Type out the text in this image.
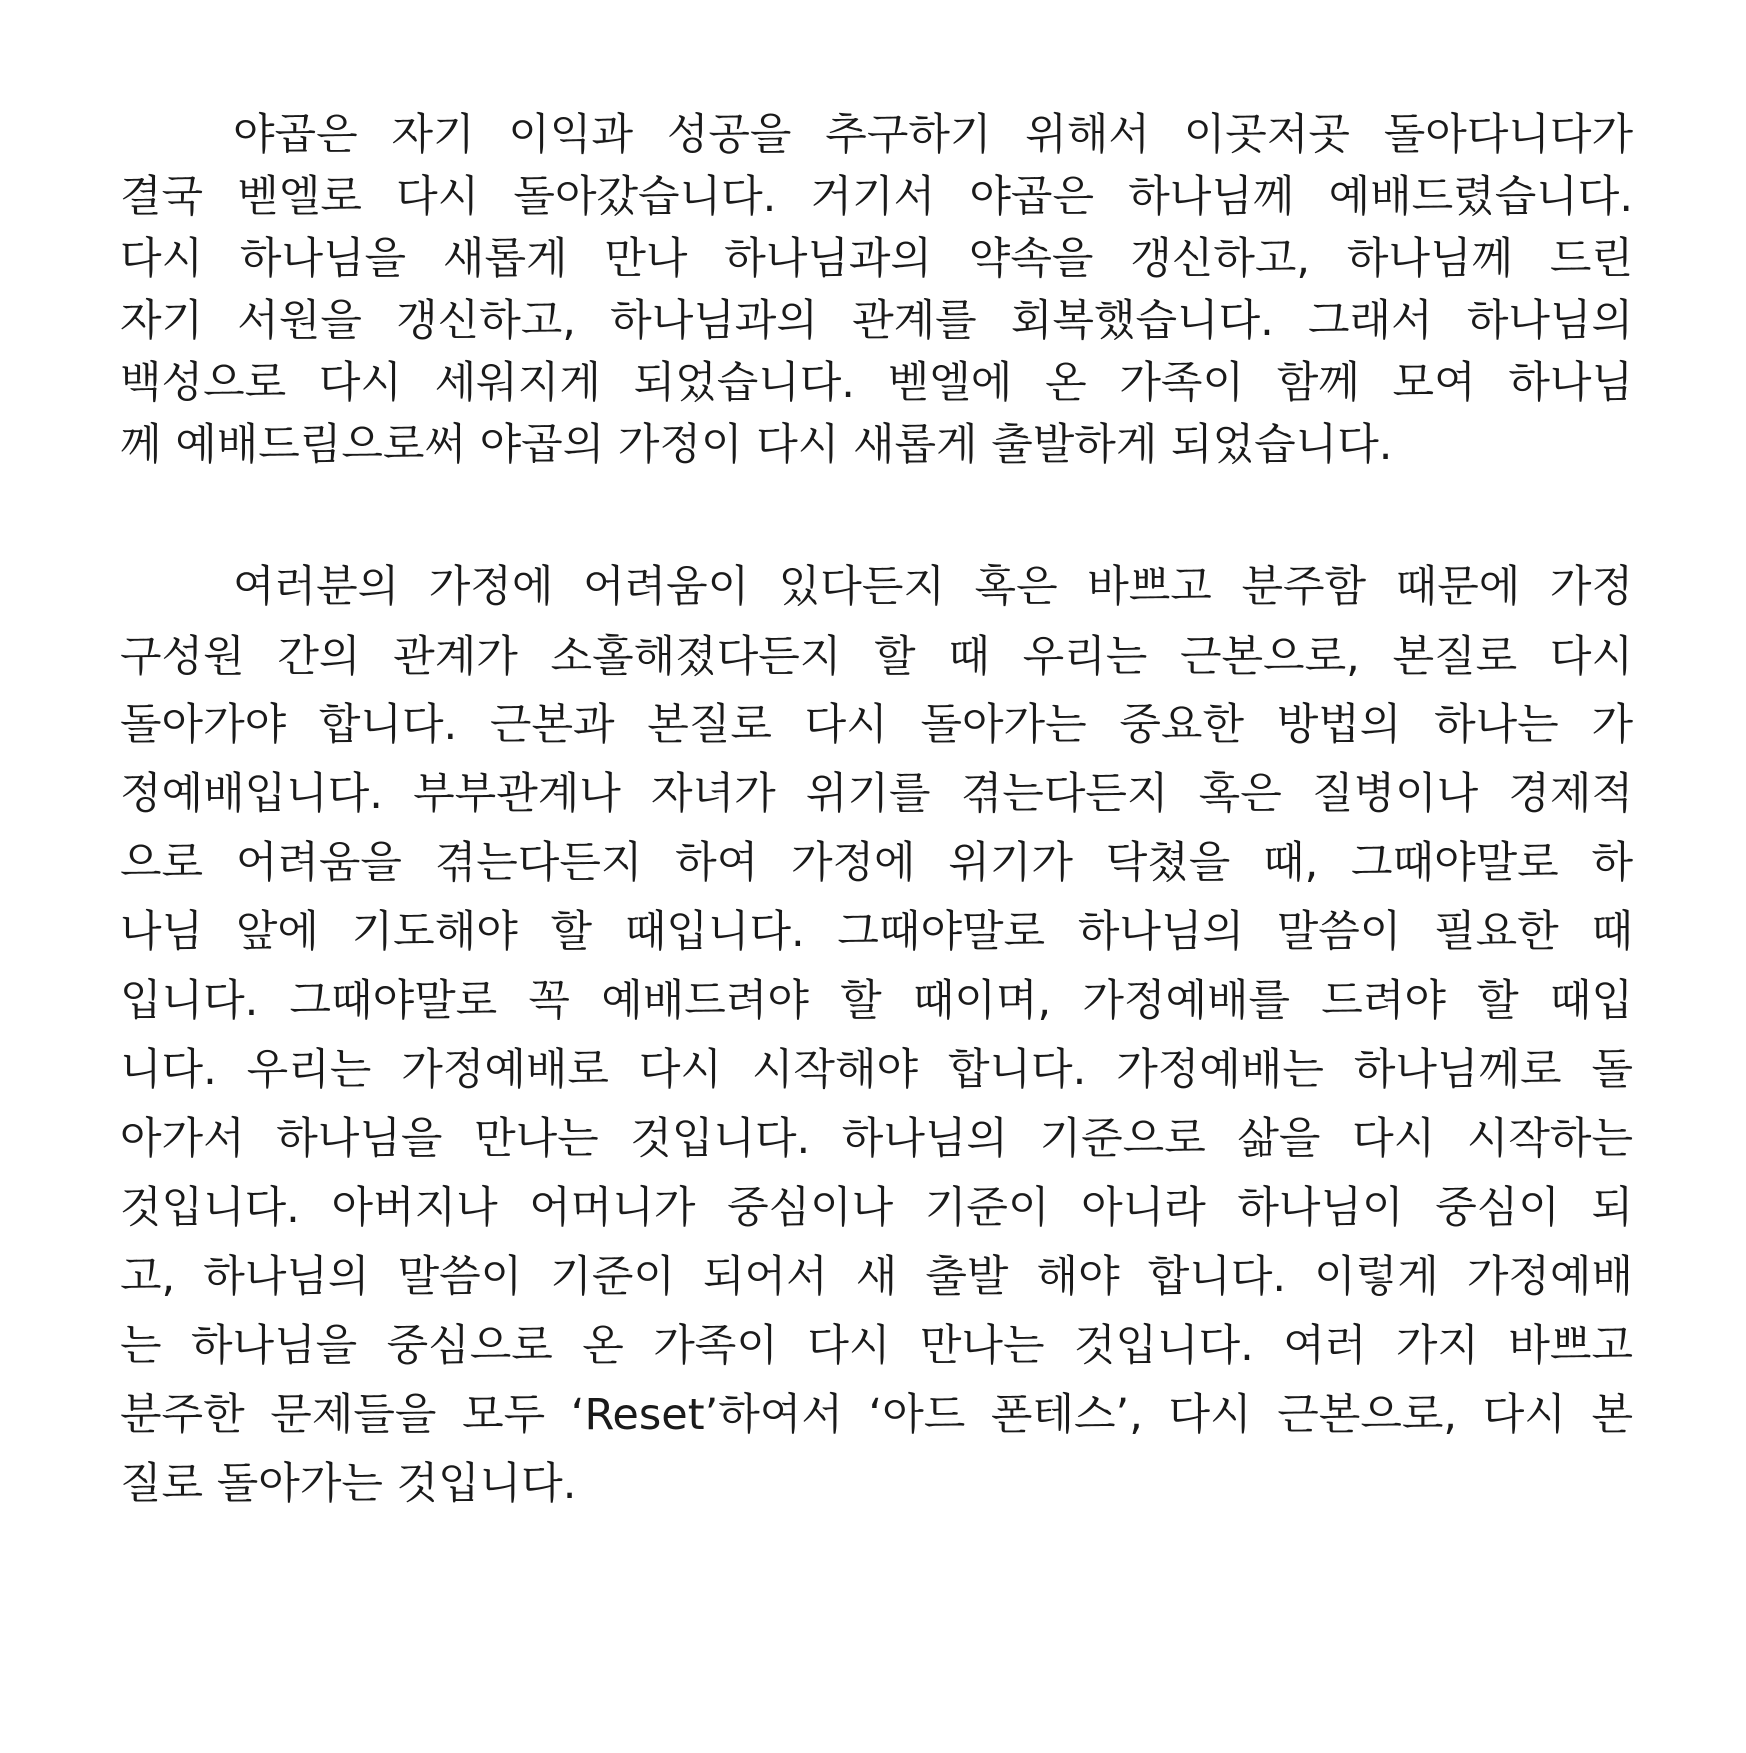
야곱은 자기 이익과 성공을 추구하기 위해서 이곳저곳 돌아다니다가
결국 벧엘로 다시 돌아갔습니다. 거기서 야곱은 하나님께 예배드렸습니다.
다시 하나님을 새롭게 만나 하나님과의 약속을 갱신하고, 하나님께 드린
자기 서원을 갱신하고, 하나님과의 관계를 회복했습니다. 그래서 하나님의
백성으로 다시 세워지게 되었습니다. 벧엘에 온 가족이 함께 모여 하나님
께 예배드림으로써 야곱의 가정이 다시 새롭게 출발하게 되었습니다.
여러분의 가정에 어려움이 있다든지 혹은 바쁘고 분주함 때문에 가정
구성원 간의 관계가 소홀해졌다든지 할 때 우리는 근본으로, 본질로 다시
돌아가야 합니다. 근본과 본질로 다시 돌아가는 중요한 방법의 하나는 가
정예배입니다. 부부관계나 자녀가 위기를 겪는다든지 혹은 질병이나 경제적
으로 어려움을 겪는다든지 하여 가정에 위기가 닥쳤을 때, 그때야말로 하
나님 앞에 기도해야 할 때입니다. 그때야말로 하나님의 말씀이 필요한 때
입니다. 그때야말로 꼭 예배드려야 할 때이며, 가정예배를 드려야 할 때입
니다. 우리는 가정예배로 다시 시작해야 합니다. 가정예배는 하나님께로 돌
아가서 하나님을 만나는 것입니다. 하나님의 기준으로 삶을 다시 시작하는
것입니다. 아버지나 어머니가 중심이나 기준이 아니라 하나님이 중심이 되
고, 하나님의 말씀이 기준이 되어서 새 출발 해야 합니다. 이렇게 가정예배
는 하나님을 중심으로 온 가족이 다시 만나는 것입니다. 여러 가지 바쁘고
분주한 문제들을 모두 ‘Reset’하여서 ‘아드 폰테스’, 다시 근본으로, 다시 본
질로 돌아가는 것입니다.
